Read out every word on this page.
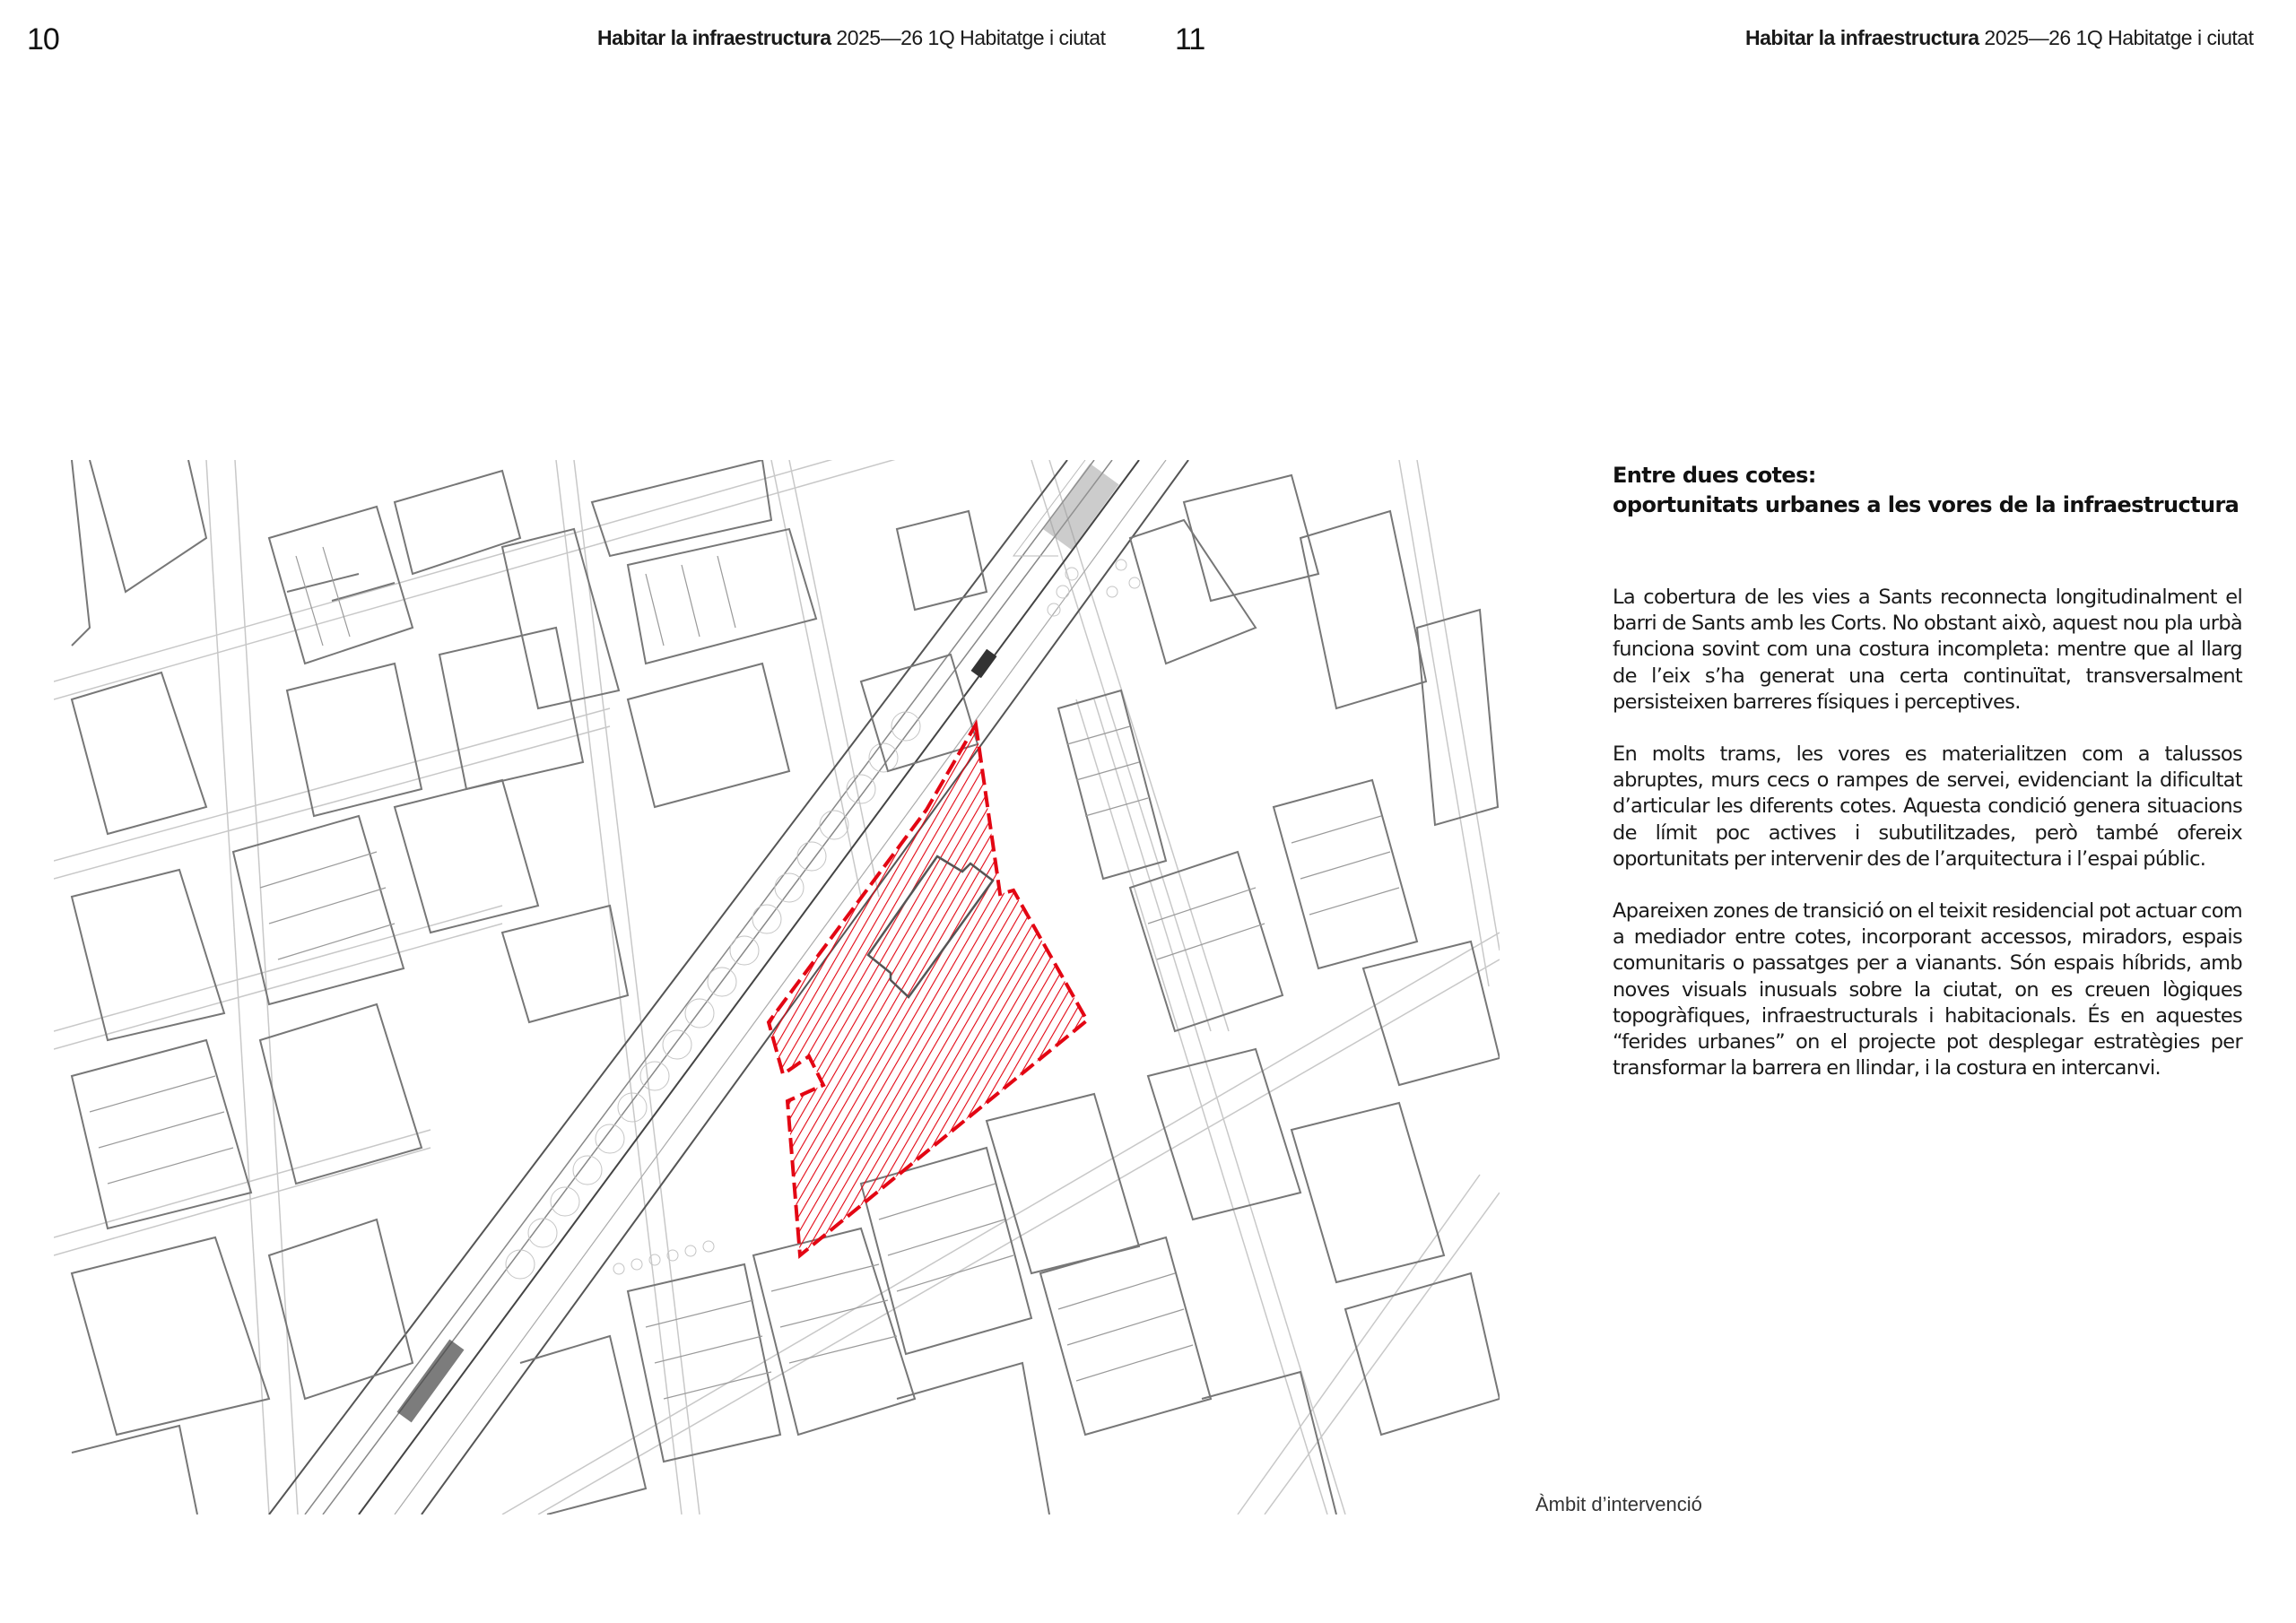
10	Habitar la infraestructura 2025—26 1Q Habitatge i ciutat 11	Habitar la infraestructura 2025—26 1Q Habitatge i ciutat
Àmbit d’intervenció
Entre dues cotes:
oportunitats urbanes a les vores de la infraestructura

La cobertura de les vies a Sants reconnecta longitudinalment el barri de Sants amb les Corts. No obstant això, aquest nou pla urbà funciona sovint com una costura incompleta: mentre que al llarg de l’eix s’ha generat una certa continuïtat, transversalment persisteixen barreres físiques i perceptives.

En molts trams, les vores es materialitzen com a talussos abruptes, murs cecs o rampes de servei, evidenciant la dificultat d’articular les diferents cotes. Aquesta condició genera situacions de límit poc actives i subutilitzades, però també ofereix oportunitats per intervenir des de l’arquitectura i l’espai públic.

Apareixen zones de transició on el teixit residencial pot actuar com a mediador entre cotes, incorporant accessos, miradors, espais comunitaris o passatges per a vianants. Són espais híbrids, amb noves visuals inusuals sobre la ciutat, on es creuen lògiques topogràfiques, infraestructurals i habitacionals. És en aquestes “ferides urbanes” on el projecte pot desplegar estratègies per transformar la barrera en llindar, i la costura en intercanvi.
